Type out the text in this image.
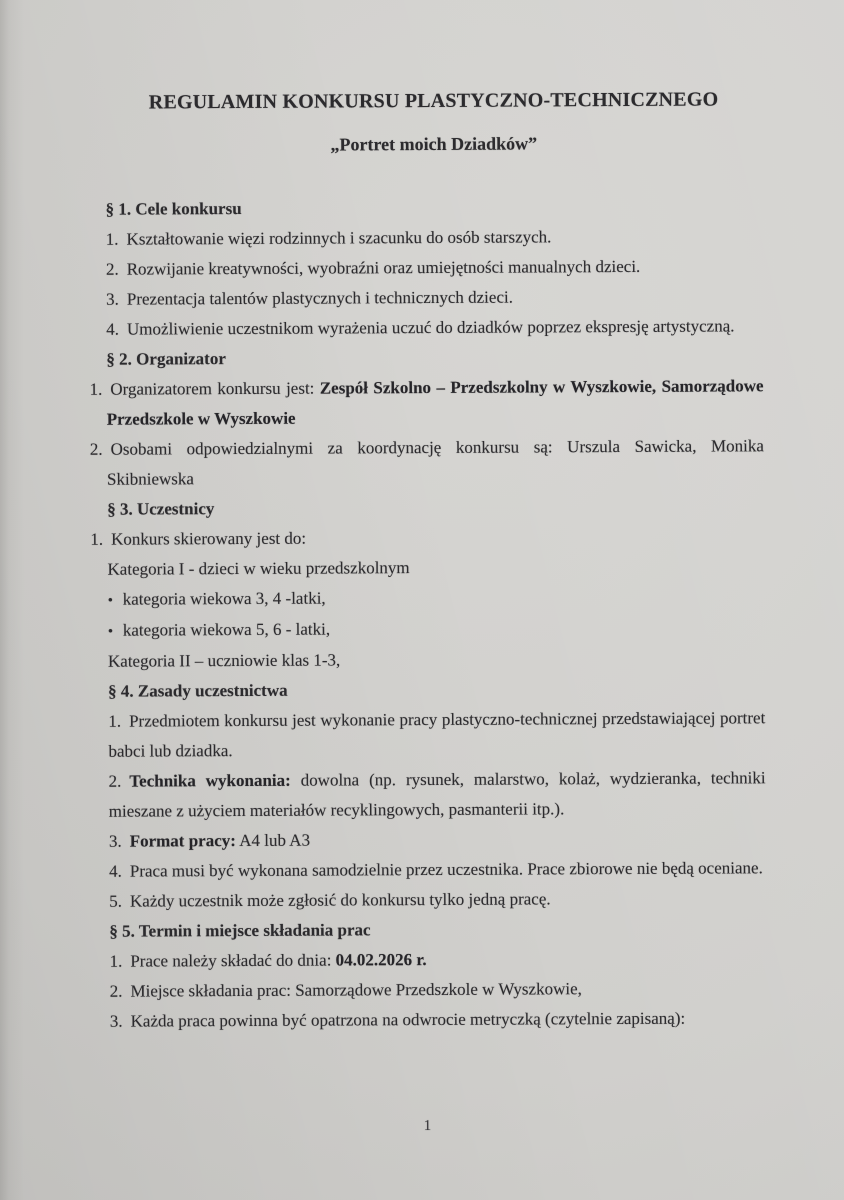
REGULAMIN KONKURSU PLASTYCZNO-TECHNICZNEGO
„Portret moich Dziadków”

§ 1. Cele konkursu

1. Kształtowanie więzi rodzinnych i szacunku do osób starszych.

2. Rozwijanie kreatywności, wyobraźni oraz umiejętności manualnych dzieci.

3. Prezentacja talentów plastycznych i technicznych dzieci.

4. Umożliwienie uczestnikom wyrażenia uczuć do dziadków poprzez ekspresję artystyczną.

§ 2. Organizator

1. Organizatorem konkursu jest: Zespół Szkolno – Przedszkolny w Wyszkowie, Samorządowe Przedszkole w Wyszkowie

2. Osobami odpowiedzialnymi za koordynację konkursu są: Urszula Sawicka, Monika Skibniewska

§ 3. Uczestnicy

1. Konkurs skierowany jest do:

Kategoria I - dzieci w wieku przedszkolnym

• kategoria wiekowa 3, 4 -latki,

• kategoria wiekowa 5, 6 - latki,

Kategoria II – uczniowie klas 1-3,

§ 4. Zasady uczestnictwa

1. Przedmiotem konkursu jest wykonanie pracy plastyczno-technicznej przedstawiającej portret babci lub dziadka.

2. Technika wykonania: dowolna (np. rysunek, malarstwo, kolaż, wydzieranka, techniki mieszane z użyciem materiałów recyklingowych, pasmanterii itp.).

3. Format pracy: A4 lub A3

4. Praca musi być wykonana samodzielnie przez uczestnika. Prace zbiorowe nie będą oceniane.

5. Każdy uczestnik może zgłosić do konkursu tylko jedną pracę.

§ 5. Termin i miejsce składania prac

1. Prace należy składać do dnia: 04.02.2026 r.

2. Miejsce składania prac: Samorządowe Przedszkole w Wyszkowie,

3. Każda praca powinna być opatrzona na odwrocie metryczką (czytelnie zapisaną):

1
